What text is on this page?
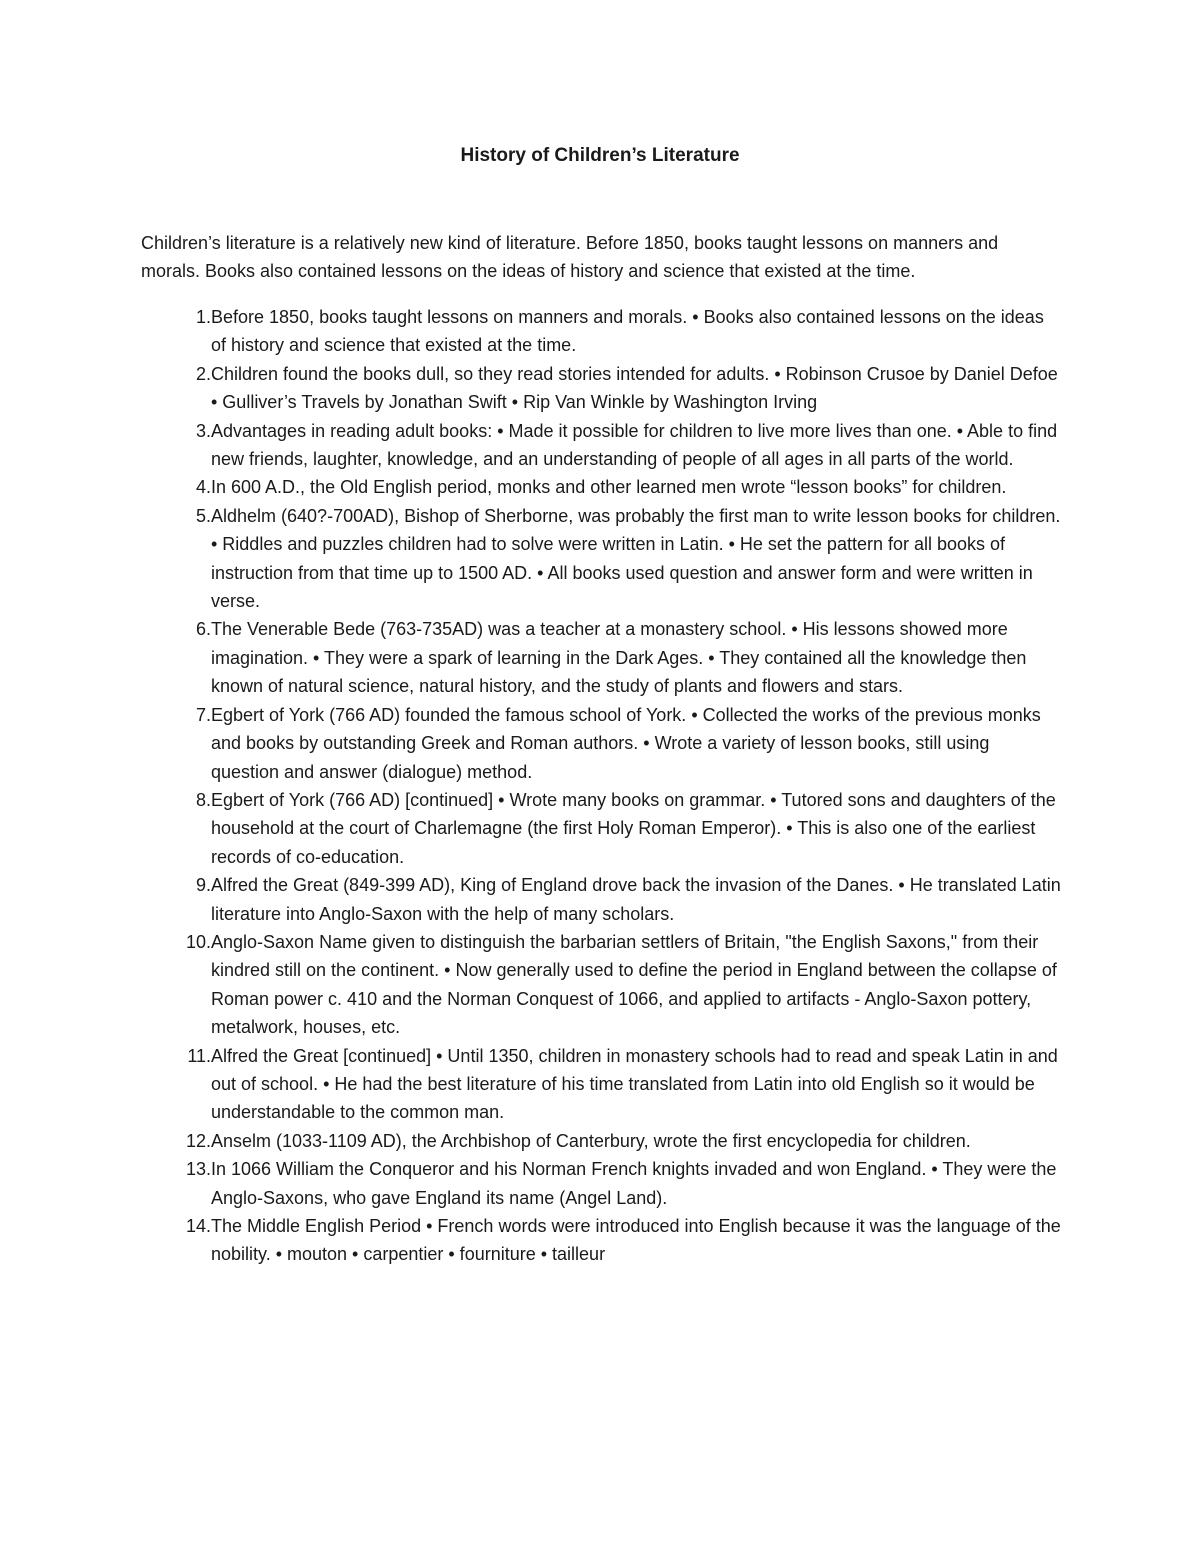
History of Children’s Literature

Children’s literature is a relatively new kind of literature. Before 1850, books taught lessons on manners and morals. Books also contained lessons on the ideas of history and science that existed at the time.

1. Before 1850, books taught lessons on manners and morals. • Books also contained lessons on the ideas of history and science that existed at the time.
2. Children found the books dull, so they read stories intended for adults. • Robinson Crusoe by Daniel Defoe • Gulliver’s Travels by Jonathan Swift • Rip Van Winkle by Washington Irving
3. Advantages in reading adult books: • Made it possible for children to live more lives than one. • Able to find new friends, laughter, knowledge, and an understanding of people of all ages in all parts of the world.
4. In 600 A.D., the Old English period, monks and other learned men wrote “lesson books” for children.
5. Aldhelm (640?-700AD), Bishop of Sherborne, was probably the first man to write lesson books for children. • Riddles and puzzles children had to solve were written in Latin. • He set the pattern for all books of instruction from that time up to 1500 AD. • All books used question and answer form and were written in verse.
6. The Venerable Bede (763-735AD) was a teacher at a monastery school. • His lessons showed more imagination. • They were a spark of learning in the Dark Ages. • They contained all the knowledge then known of natural science, natural history, and the study of plants and flowers and stars.
7. Egbert of York (766 AD) founded the famous school of York. • Collected the works of the previous monks and books by outstanding Greek and Roman authors. • Wrote a variety of lesson books, still using question and answer (dialogue) method.
8. Egbert of York (766 AD) [continued] • Wrote many books on grammar. • Tutored sons and daughters of the household at the court of Charlemagne (the first Holy Roman Emperor). • This is also one of the earliest records of co-education.
9. Alfred the Great (849-399 AD), King of England drove back the invasion of the Danes. • He translated Latin literature into Anglo-Saxon with the help of many scholars.
10. Anglo-Saxon Name given to distinguish the barbarian settlers of Britain, "the English Saxons," from their kindred still on the continent. • Now generally used to define the period in England between the collapse of Roman power c. 410 and the Norman Conquest of 1066, and applied to artifacts - Anglo-Saxon pottery, metalwork, houses, etc.
11. Alfred the Great [continued] • Until 1350, children in monastery schools had to read and speak Latin in and out of school. • He had the best literature of his time translated from Latin into old English so it would be understandable to the common man.
12. Anselm (1033-1109 AD), the Archbishop of Canterbury, wrote the first encyclopedia for children.
13. In 1066 William the Conqueror and his Norman French knights invaded and won England. • They were the Anglo-Saxons, who gave England its name (Angel Land).
14. The Middle English Period • French words were introduced into English because it was the language of the nobility. • mouton • carpentier • fourniture • tailleur
